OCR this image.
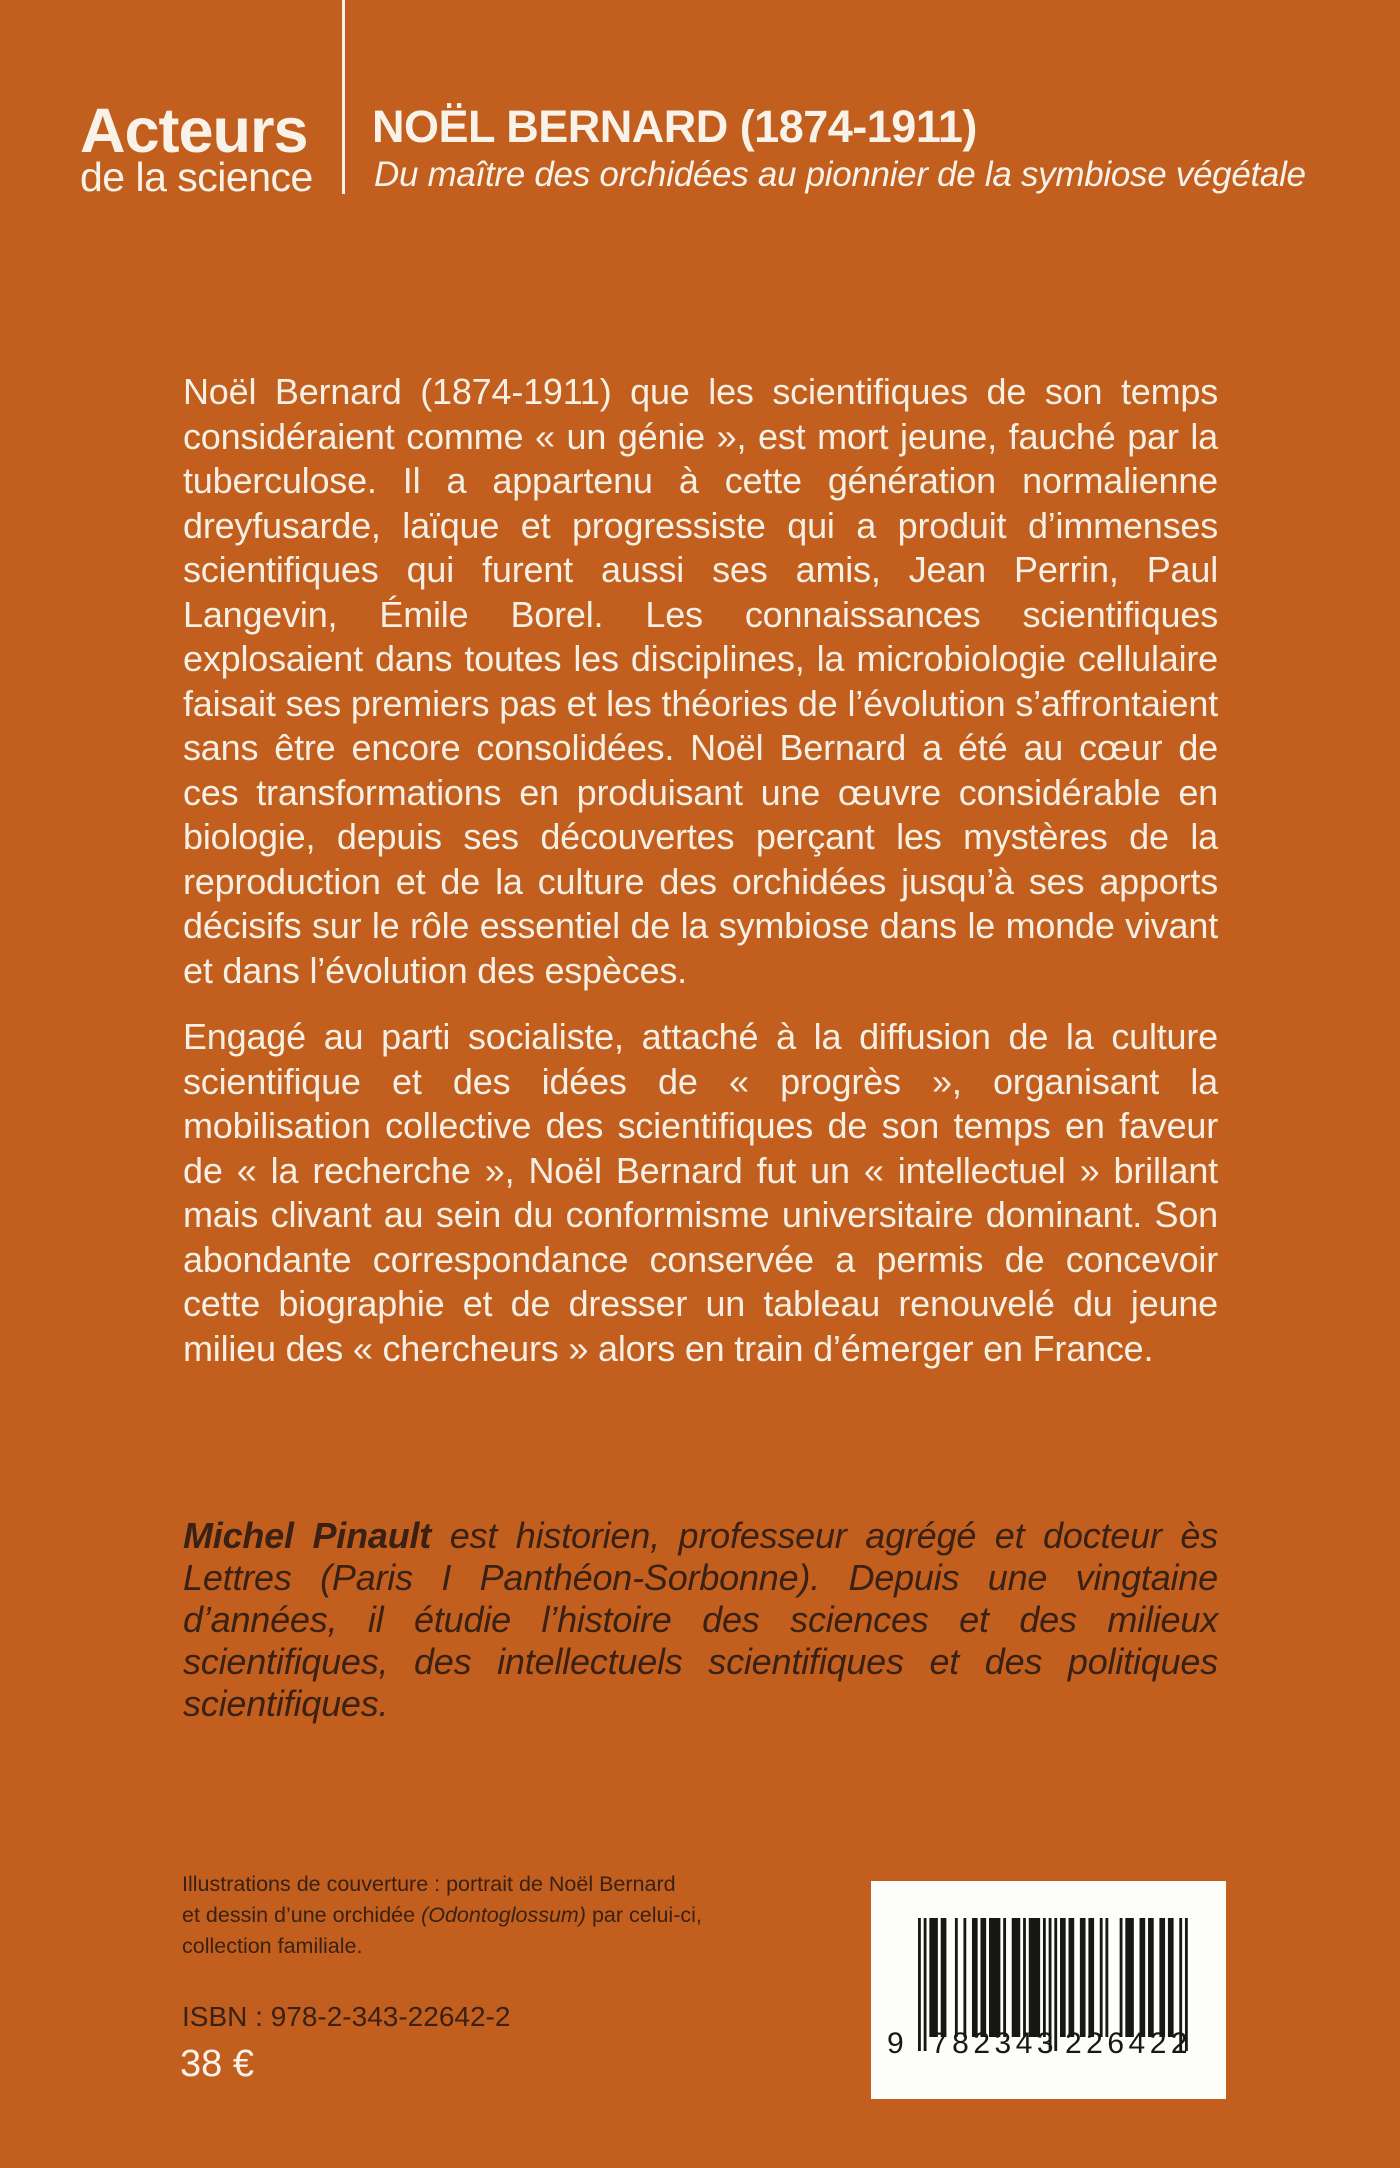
Acteurs
de la science
NOËL BERNARD (1874-1911)
Du maître des orchidées au pionnier de la symbiose végétale

Noël Bernard (1874-1911) que les scientifiques de son temps considéraient comme « un génie », est mort jeune, fauché par la tuberculose. Il a appartenu à cette génération normalienne dreyfusarde, laïque et progressiste qui a produit d’immenses scientifiques qui furent aussi ses amis, Jean Perrin, Paul Langevin, Émile Borel. Les connaissances scientifiques explosaient dans toutes les disciplines, la microbiologie cellulaire faisait ses premiers pas et les théories de l’évolution s’affrontaient sans être encore consolidées. Noël Bernard a été au cœur de ces transformations en produisant une œuvre considérable en biologie, depuis ses découvertes perçant les mystères de la reproduction et de la culture des orchidées jusqu’à ses apports décisifs sur le rôle essentiel de la symbiose dans le monde vivant et dans l’évolution des espèces.

Engagé au parti socialiste, attaché à la diffusion de la culture scientifique et des idées de « progrès », organisant la mobilisation collective des scientifiques de son temps en faveur de « la recherche », Noël Bernard fut un « intellectuel » brillant mais clivant au sein du conformisme universitaire dominant. Son abondante correspondance conservée a permis de concevoir cette biographie et de dresser un tableau renouvelé du jeune milieu des « chercheurs » alors en train d’émerger en France.

Michel Pinault est historien, professeur agrégé et docteur ès Lettres (Paris I Panthéon-Sorbonne). Depuis une vingtaine d’années, il étudie l’histoire des sciences et des milieux scientifiques, des intellectuels scientifiques et des politiques scientifiques.

Illustrations de couverture : portrait de Noël Bernard
et dessin d’une orchidée (Odontoglossum) par celui-ci,
collection familiale.
ISBN : 978-2-343-22642-2
38 €	9 782343 226422
